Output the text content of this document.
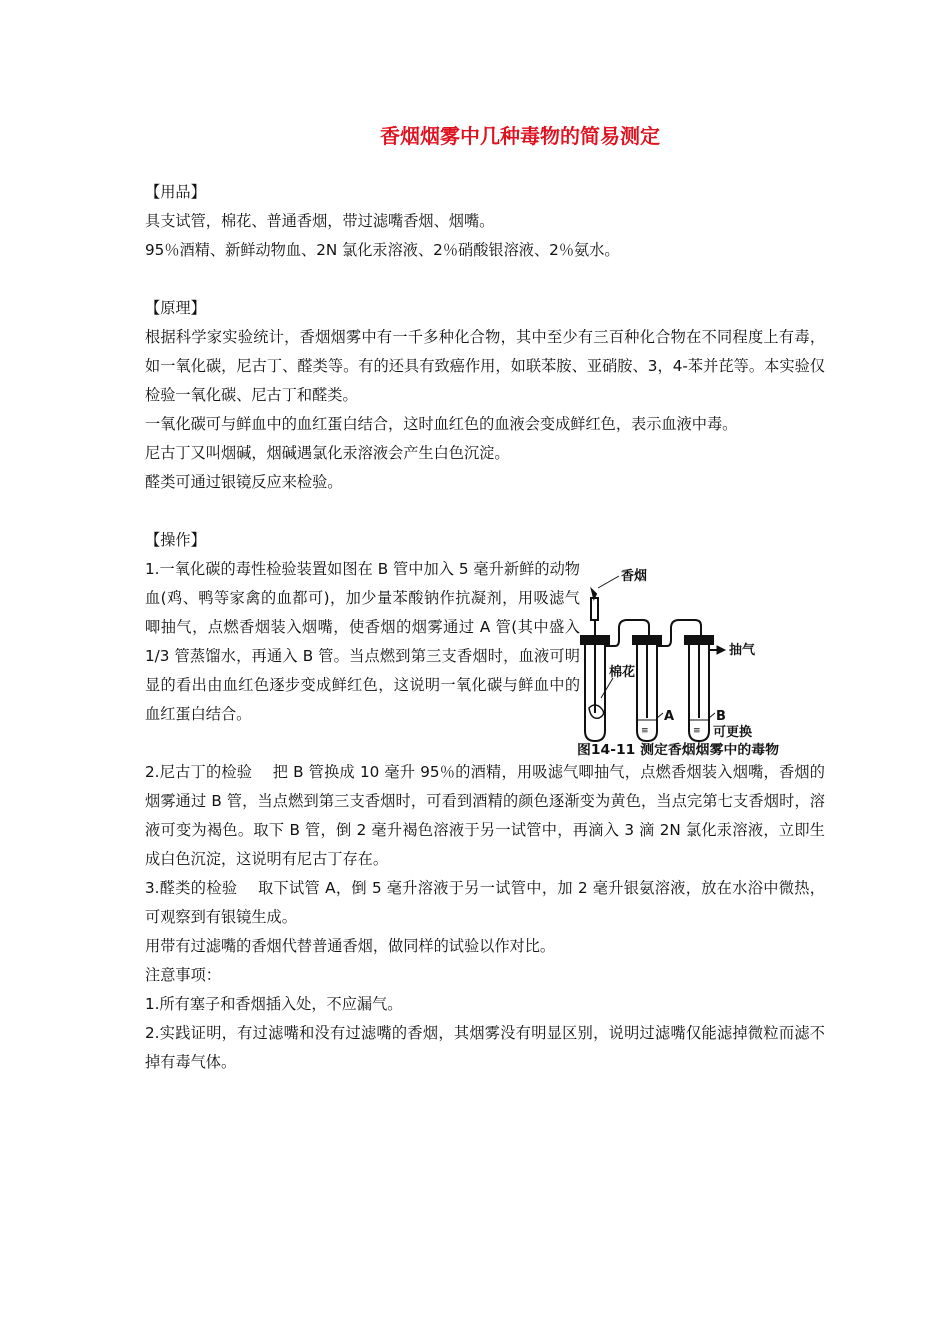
香烟烟雾中几种毒物的简易测定

【用品】

具支试管，棉花、普通香烟，带过滤嘴香烟、烟嘴。

95％酒精、新鲜动物血、2N 氯化汞溶液、2％硝酸银溶液、2％氨水。

【原理】

根据科学家实验统计，香烟烟雾中有一千多种化合物，其中至少有三百种化合物在不同程度上有毒，如一氧化碳，尼古丁、醛类等。有的还具有致癌作用，如联苯胺、亚硝胺、3，4-苯并芘等。本实验仅检验一氧化碳、尼古丁和醛类。

一氧化碳可与鲜血中的血红蛋白结合，这时血红色的血液会变成鲜红色，表示血液中毒。

尼古丁又叫烟碱，烟碱遇氯化汞溶液会产生白色沉淀。

醛类可通过银镜反应来检验。

【操作】

1.一氧化碳的毒性检验装置如图在 B 管中加入 5 毫升新鲜的动物血(鸡、鸭等家禽的血都可)，加少量苯酸钠作抗凝剂，用吸滤气唧抽气，点燃香烟装入烟嘴，使香烟的烟雾通过 A 管(其中盛入 1/3 管蒸馏水，再通入 B 管。当点燃到第三支香烟时，血液可明显的看出由血红色逐步变成鲜红色，这说明一氧化碳与鲜血中的血红蛋白结合。

≡	≡
香烟
棉花
抽气
A	B
可更换
图14-11 测定香烟烟雾中的毒物

2.尼古丁的检验　 把 B 管换成 10 毫升 95％的酒精，用吸滤气唧抽气，点燃香烟装入烟嘴，香烟的烟雾通过 B 管，当点燃到第三支香烟时，可看到酒精的颜色逐渐变为黄色，当点完第七支香烟时，溶液可变为褐色。取下 B 管，倒 2 毫升褐色溶液于另一试管中，再滴入 3 滴 2N 氯化汞溶液，立即生成白色沉淀，这说明有尼古丁存在。

3.醛类的检验　 取下试管 A，倒 5 毫升溶液于另一试管中，加 2 毫升银氨溶液，放在水浴中微热，可观察到有银镜生成。

用带有过滤嘴的香烟代替普通香烟，做同样的试验以作对比。

注意事项：

1.所有塞子和香烟插入处，不应漏气。

2.实践证明，有过滤嘴和没有过滤嘴的香烟，其烟雾没有明显区别，说明过滤嘴仅能滤掉微粒而滤不掉有毒气体。
